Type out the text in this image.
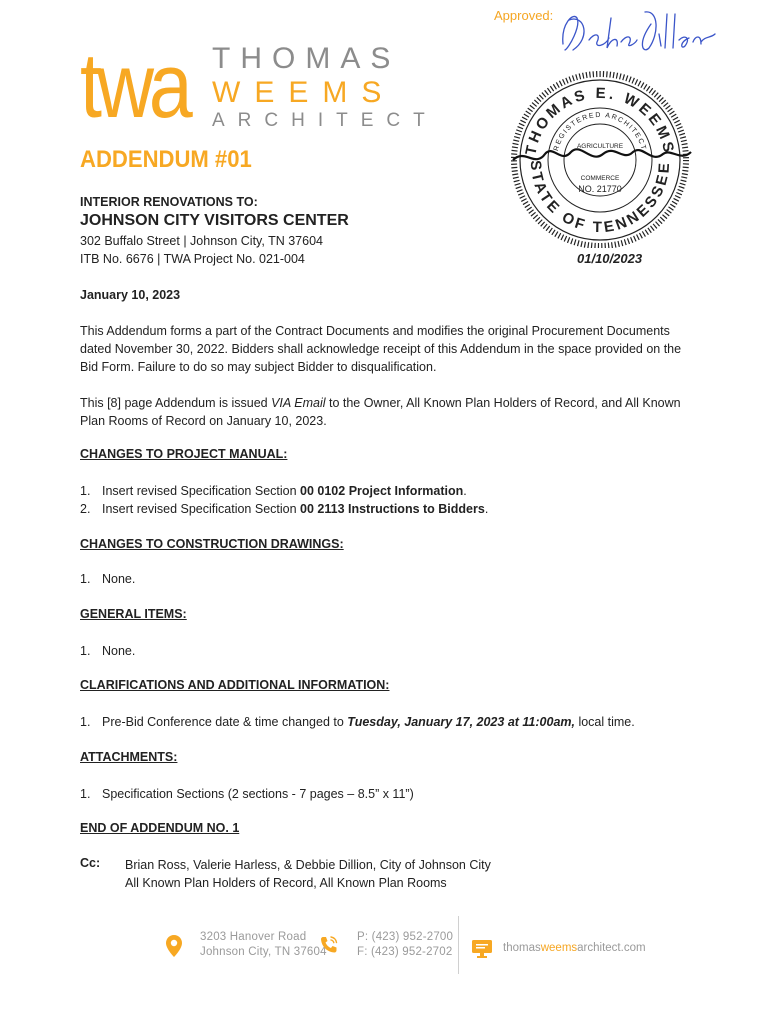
Approved:
twa THOMAS
WEEMS
ARCHITECT
THOMAS E. WEEMS
REGISTERED ARCHITECT
AGRICULTURE
COMMERCE
NO. 21770
STATE OF TENNESSEE
01/10/2023
ADDENDUM #01
INTERIOR RENOVATIONS TO:
JOHNSON CITY VISITORS CENTER
302 Buffalo Street | Johnson City, TN 37604
ITB No. 6676 | TWA Project No. 021-004
January 10, 2023
This Addendum forms a part of the Contract Documents and modifies the original Procurement Documents dated November 30, 2022. Bidders shall acknowledge receipt of this Addendum in the space provided on the Bid Form. Failure to do so may subject Bidder to disqualification.
This [8] page Addendum is issued VIA Email to the Owner, All Known Plan Holders of Record, and All Known Plan Rooms of Record on January 10, 2023.
CHANGES TO PROJECT MANUAL:
1. Insert revised Specification Section 00 0102 Project Information.
2. Insert revised Specification Section 00 2113 Instructions to Bidders.
CHANGES TO CONSTRUCTION DRAWINGS:
1. None.
GENERAL ITEMS:
1. None.
CLARIFICATIONS AND ADDITIONAL INFORMATION:
1. Pre-Bid Conference date & time changed to Tuesday, January 17, 2023 at 11:00am, local time.
ATTACHMENTS:
1. Specification Sections (2 sections - 7 pages – 8.5” x 11”)
END OF ADDENDUM NO. 1
Cc: Brian Ross, Valerie Harless, & Debbie Dillion, City of Johnson City
All Known Plan Holders of Record, All Known Plan Rooms
3203 Hanover Road
Johnson City, TN 37604
P: (423) 952-2700
F: (423) 952-2702	thomasweemsarchitect.com
